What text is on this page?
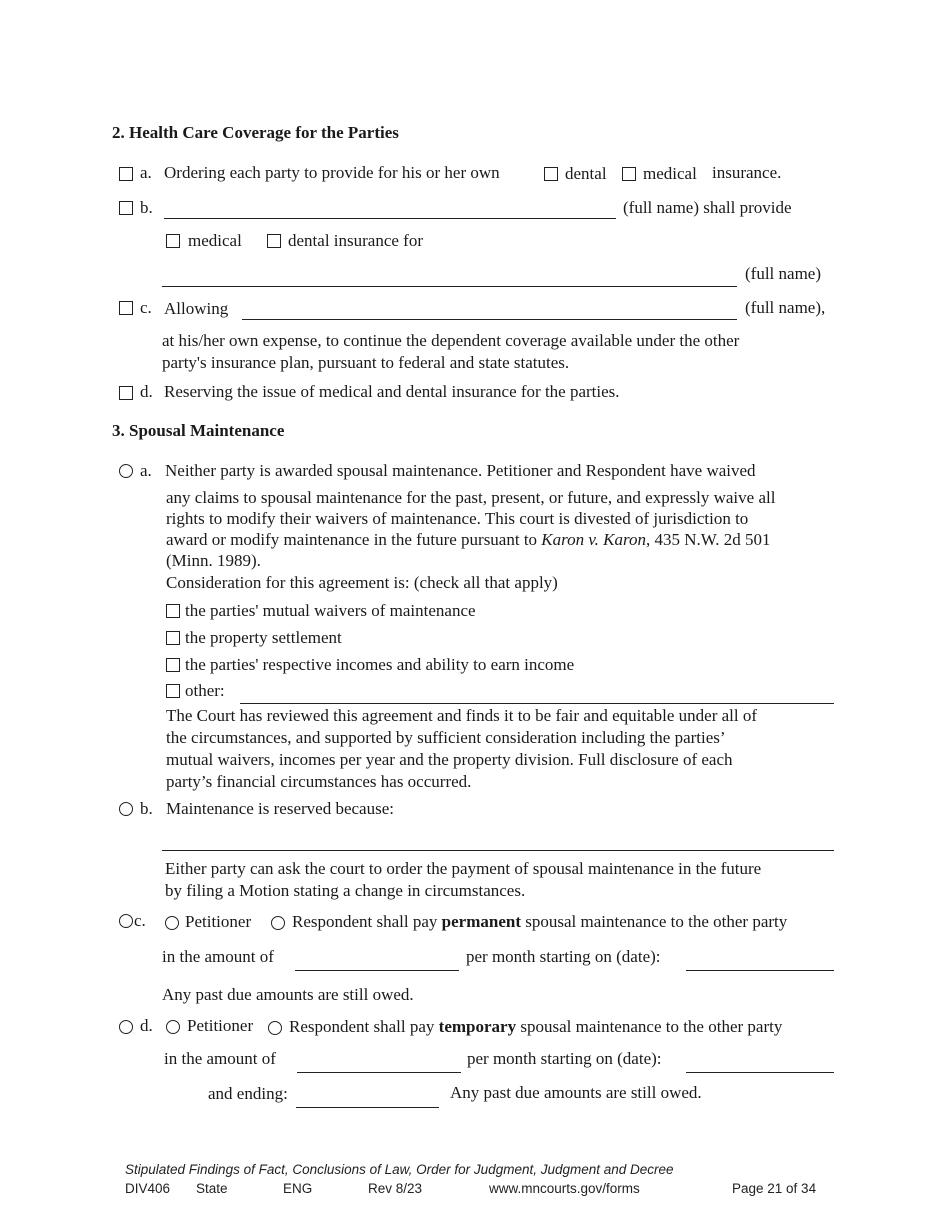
2. Health Care Coverage for the Parties
a. Ordering each party to provide for his or her own	dental medical insurance.
b.	(full name) shall provide
medical	dental insurance for
(full name)
c. Allowing	(full name),
at his/her own expense, to continue the dependent coverage available under the other
party's insurance plan, pursuant to federal and state statutes.
d. Reserving the issue of medical and dental insurance for the parties.
3. Spousal Maintenance
a. Neither party is awarded spousal maintenance. Petitioner and Respondent have waived
any claims to spousal maintenance for the past, present, or future, and expressly waive all
rights to modify their waivers of maintenance. This court is divested of jurisdiction to
award or modify maintenance in the future pursuant to Karon v. Karon, 435 N.W. 2d 501
(Minn. 1989).
Consideration for this agreement is: (check all that apply)
the parties' mutual waivers of maintenance
the property settlement
the parties' respective incomes and ability to earn income
other:
The Court has reviewed this agreement and finds it to be fair and equitable under all of
the circumstances, and supported by sufficient consideration including the parties’
mutual waivers, incomes per year and the property division. Full disclosure of each
party’s financial circumstances has occurred.
b. Maintenance is reserved because:
Either party can ask the court to order the payment of spousal maintenance in the future
by filing a Motion stating a change in circumstances.
c. Petitioner Respondent shall pay permanent spousal maintenance to the other party
in the amount of	per month starting on (date):
Any past due amounts are still owed.
d. Petitioner Respondent shall pay temporary spousal maintenance to the other party
in the amount of	per month starting on (date):
and ending:	Any past due amounts are still owed.
Stipulated Findings of Fact, Conclusions of Law, Order for Judgment, Judgment and Decree
DIV406 State	ENG	Rev 8/23	www.mncourts.gov/forms	Page 21 of 34
